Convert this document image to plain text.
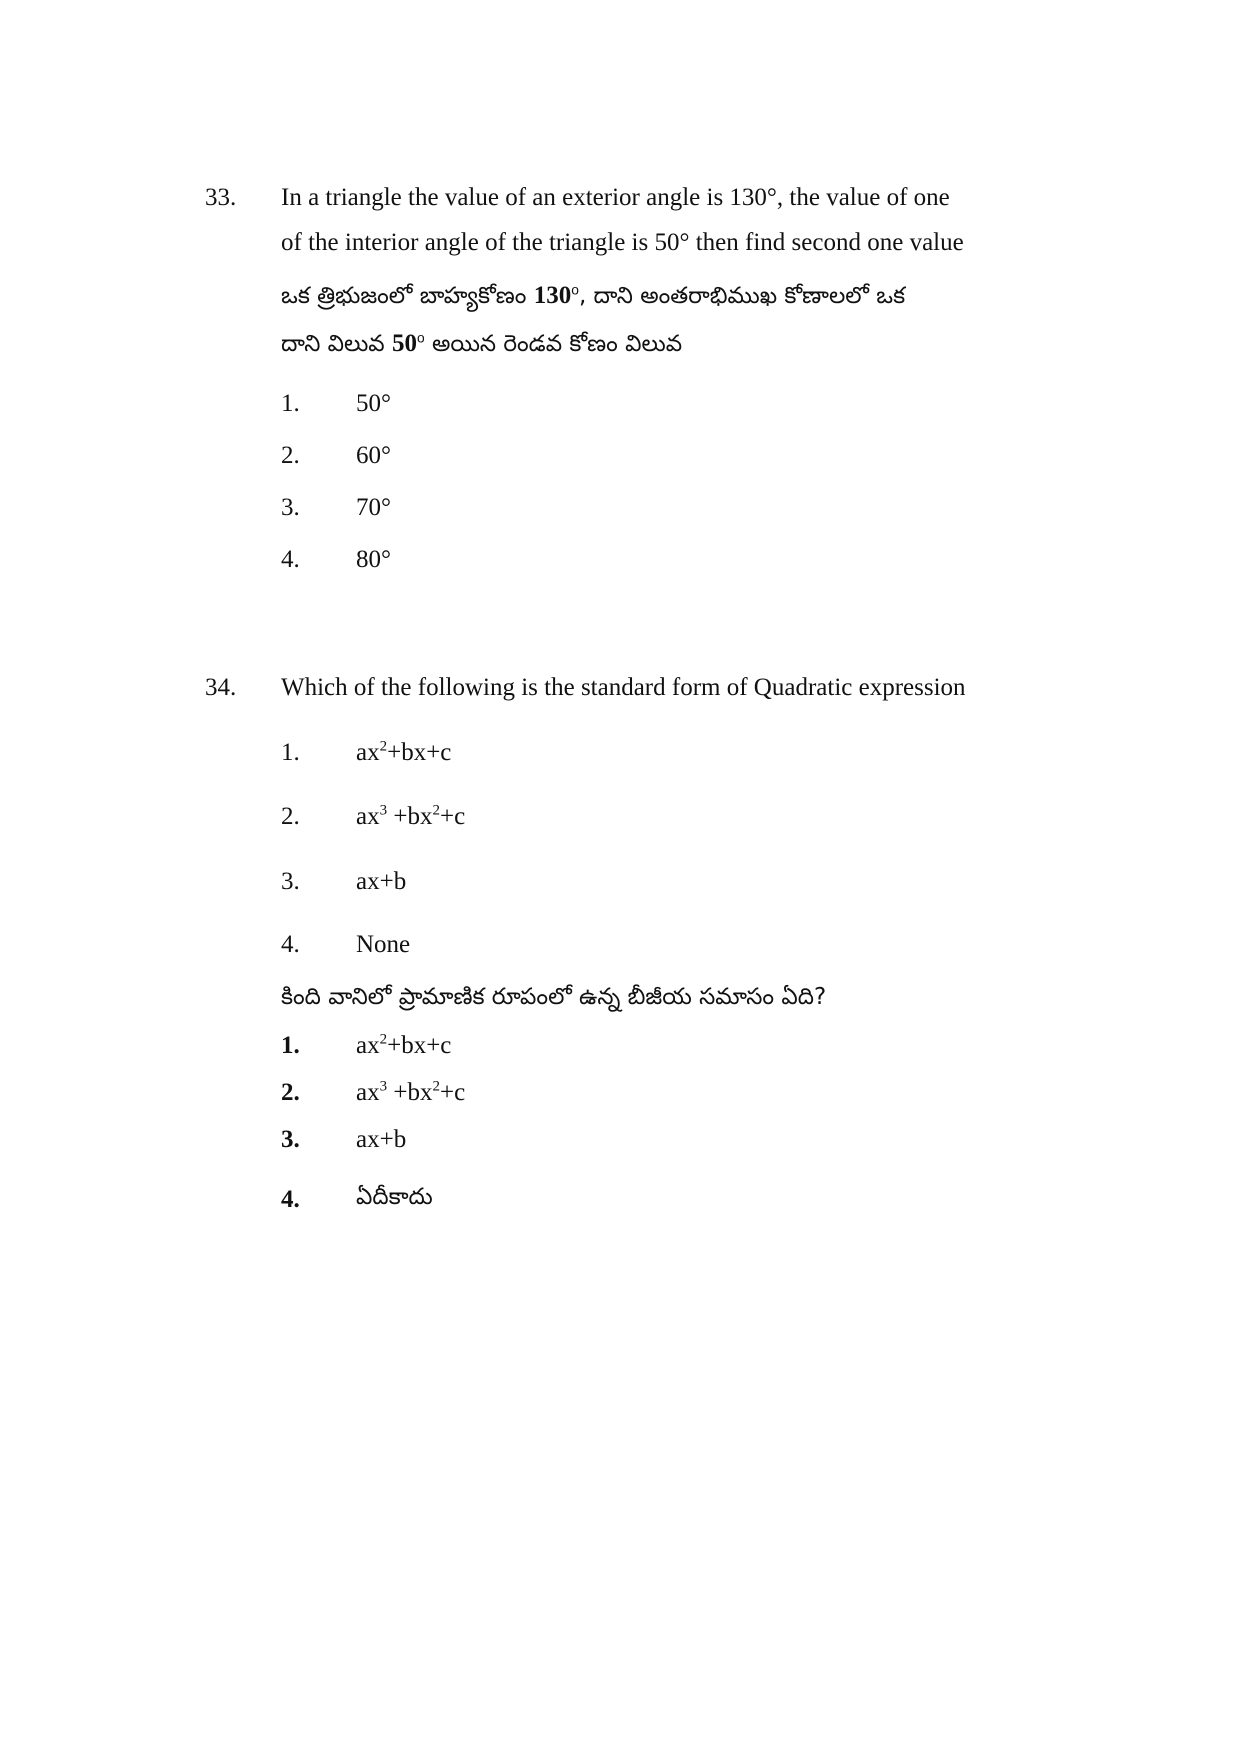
33. In a triangle the value of an exterior angle is 130°, the value of one
of the interior angle of the triangle is 50° then find second one value
ఒక త్రిభుజంలో బాహ్యకోణం 130$^o$, దాని అంతరాభిముఖ కోణాలలో ఒక
దాని విలువ 50$^o$ అయిన రెండవ కోణం విలువ
1. 50°
2. 60°
3. 70°
4. 80°
34. Which of the following is the standard form of Quadratic expression
1. $ax^2+bx+c$
2. $ax^3 +bx^2+c$
3. ax+b
4. None
కింది వానిలో ప్రామాణిక రూపంలో ఉన్న బీజీయ సమాసం ఏది?
1. $ax^2+bx+c$
2. $ax^3 +bx^2+c$
3. ax+b
4. ఏదీకాదు
